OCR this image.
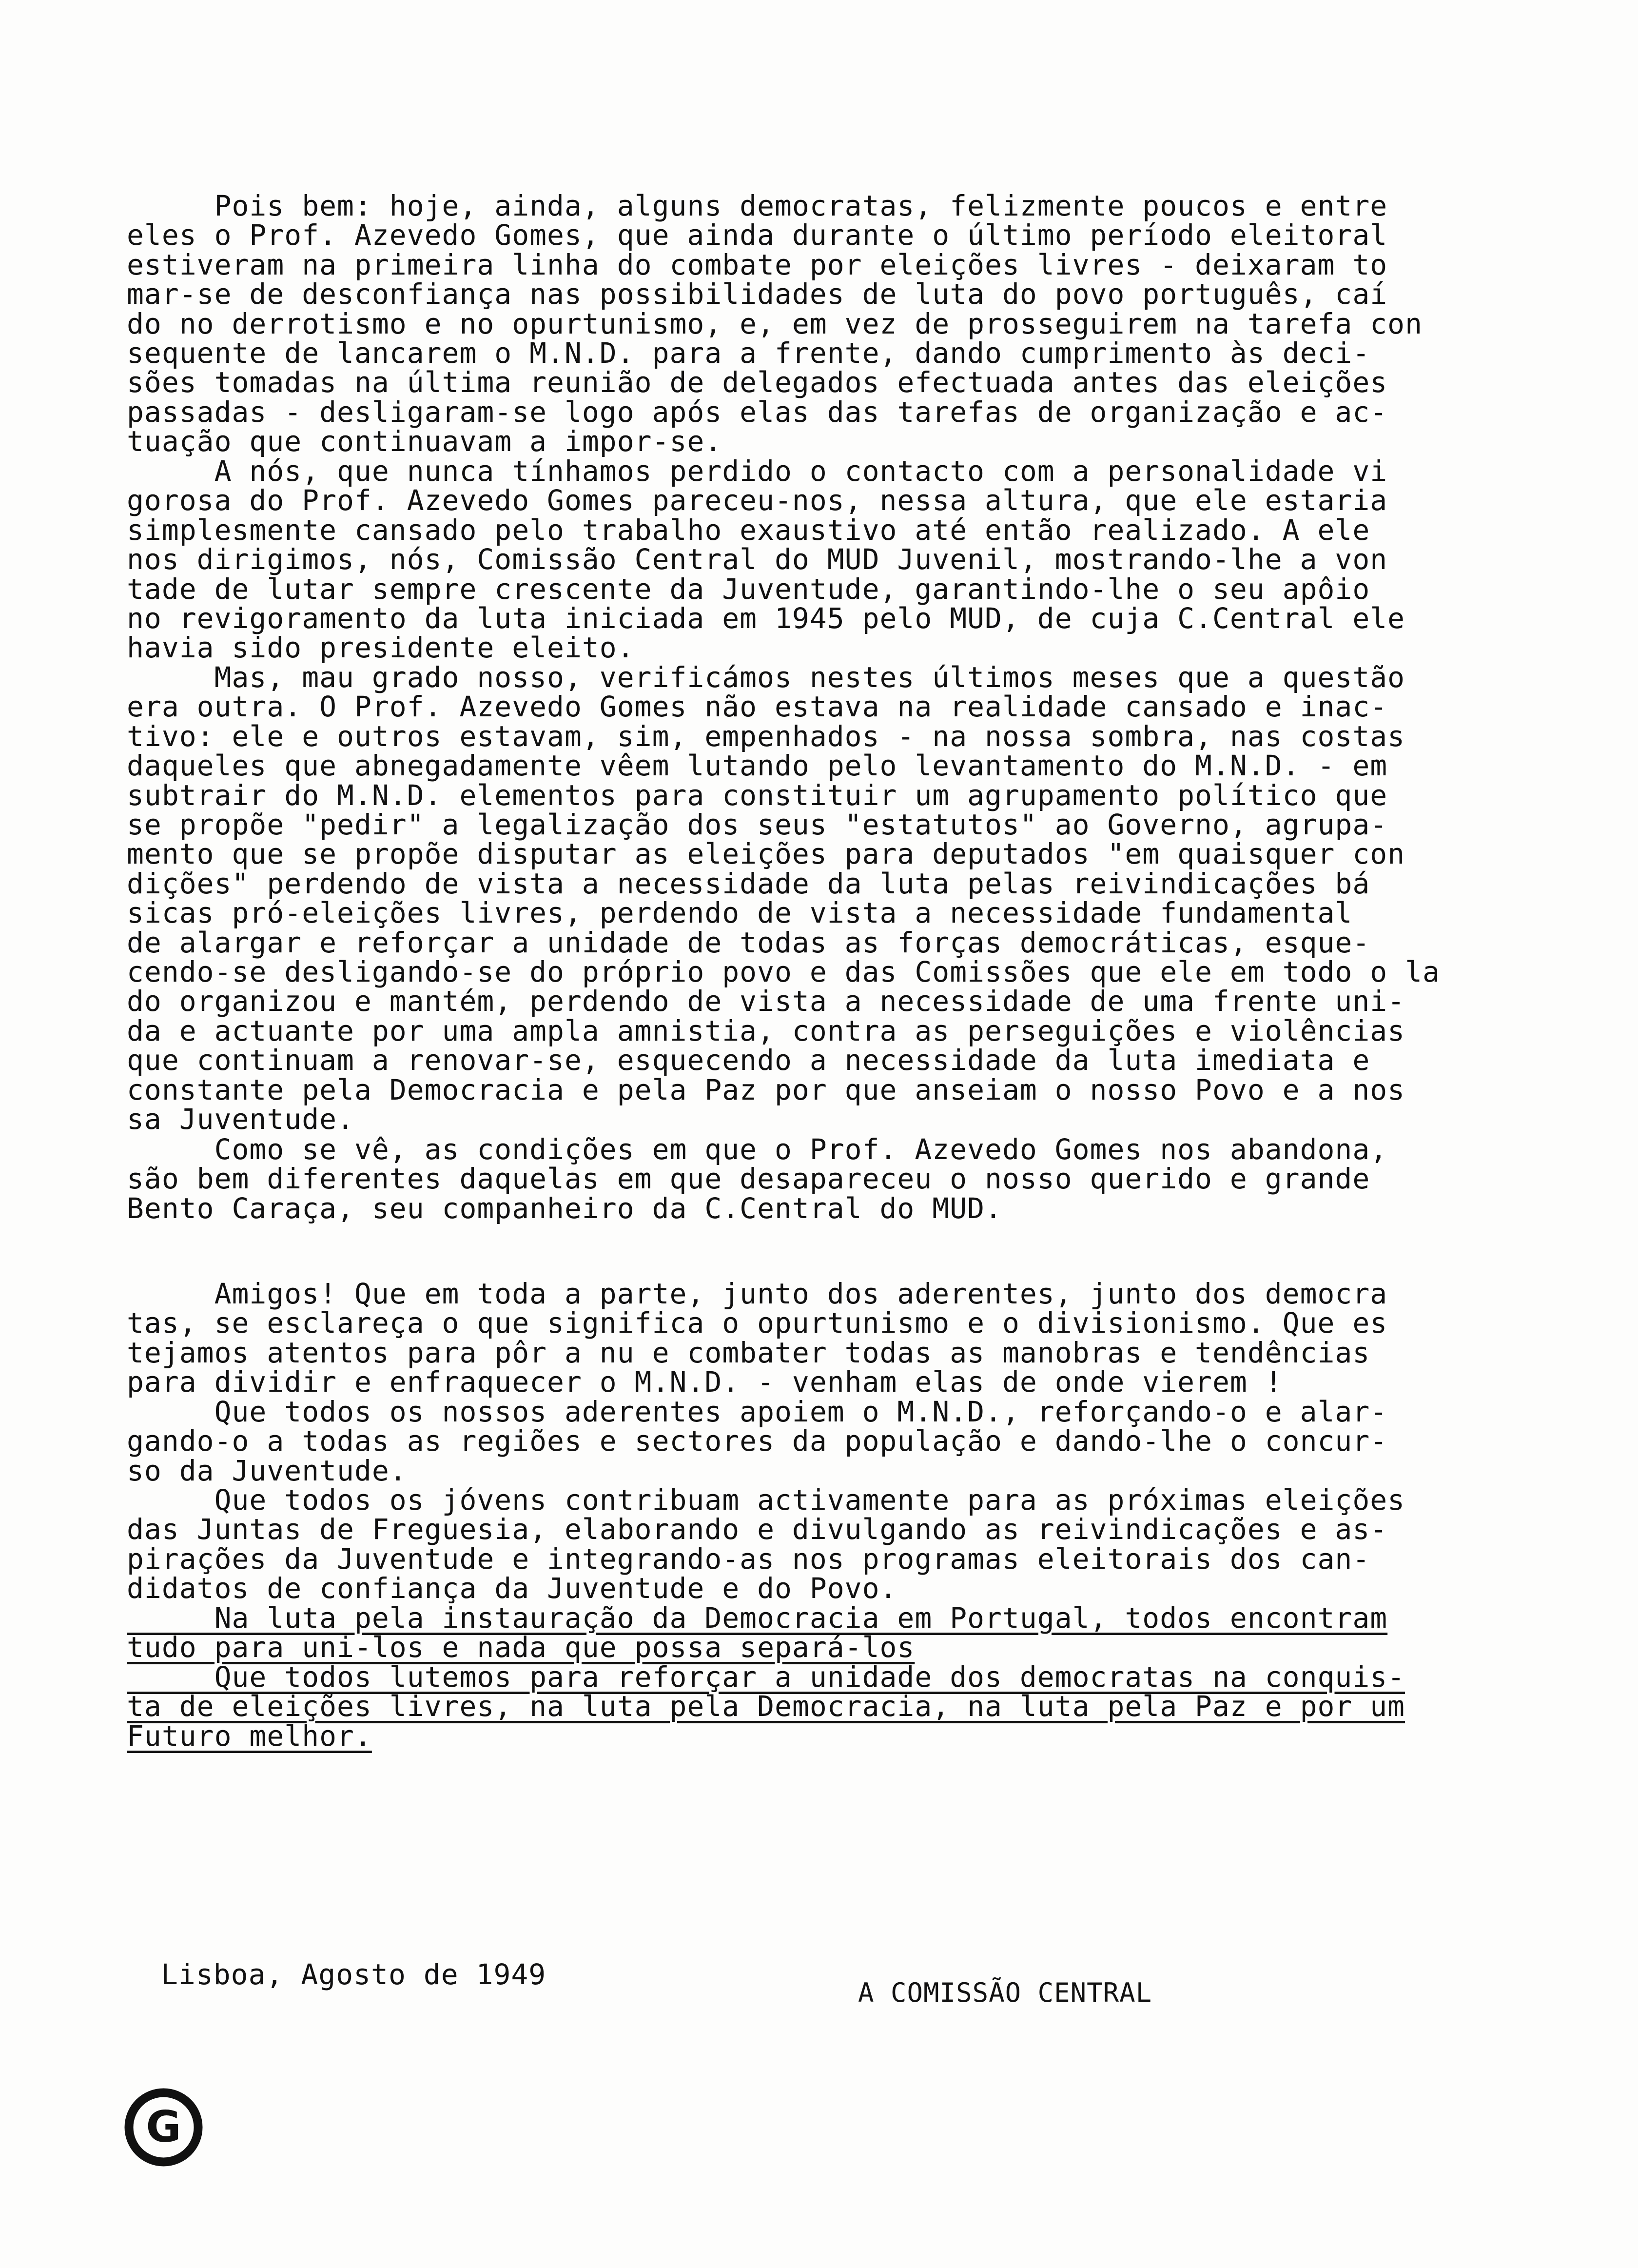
Pois bem: hoje, ainda, alguns democratas, felizmente poucos e entre
eles o Prof. Azevedo Gomes, que ainda durante o último período eleitoral
estiveram na primeira linha do combate por eleições livres - deixaram to
mar-se de desconfiança nas possibilidades de luta do povo português, caí
do no derrotismo e no opurtunismo, e, em vez de prosseguirem na tarefa con
sequente de lancarem o M.N.D. para a frente, dando cumprimento às deci-
sões tomadas na última reunião de delegados efectuada antes das eleições
passadas - desligaram-se logo após elas das tarefas de organização e ac-
tuação que continuavam a impor-se.
A nós, que nunca tínhamos perdido o contacto com a personalidade vi
gorosa do Prof. Azevedo Gomes pareceu-nos, nessa altura, que ele estaria
simplesmente cansado pelo trabalho exaustivo até então realizado. A ele
nos dirigimos, nós, Comissão Central do MUD Juvenil, mostrando-lhe a von
tade de lutar sempre crescente da Juventude, garantindo-lhe o seu apôio
no revigoramento da luta iniciada em 1945 pelo MUD, de cuja C.Central ele
havia sido presidente eleito.
Mas, mau grado nosso, verificámos nestes últimos meses que a questão
era outra. O Prof. Azevedo Gomes não estava na realidade cansado e inac-
tivo: ele e outros estavam, sim, empenhados - na nossa sombra, nas costas
daqueles que abnegadamente vêem lutando pelo levantamento do M.N.D. - em
subtrair do M.N.D. elementos para constituir um agrupamento político que
se propõe "pedir" a legalização dos seus "estatutos" ao Governo, agrupa-
mento que se propõe disputar as eleições para deputados "em quaisquer con
dições" perdendo de vista a necessidade da luta pelas reivindicações bá
sicas pró-eleições livres, perdendo de vista a necessidade fundamental
de alargar e reforçar a unidade de todas as forças democráticas, esque-
cendo-se desligando-se do próprio povo e das Comissões que ele em todo o la
do organizou e mantém, perdendo de vista a necessidade de uma frente uni-
da e actuante por uma ampla amnistia, contra as perseguições e violências
que continuam a renovar-se, esquecendo a necessidade da luta imediata e
constante pela Democracia e pela Paz por que anseiam o nosso Povo e a nos
sa Juventude.
Como se vê, as condições em que o Prof. Azevedo Gomes nos abandona,
são bem diferentes daquelas em que desapareceu o nosso querido e grande
Bento Caraça, seu companheiro da C.Central do MUD.
Amigos! Que em toda a parte, junto dos aderentes, junto dos democra
tas, se esclareça o que significa o opurtunismo e o divisionismo. Que es
tejamos atentos para pôr a nu e combater todas as manobras e tendências
para dividir e enfraquecer o M.N.D. - venham elas de onde vierem !
Que todos os nossos aderentes apoiem o M.N.D., reforçando-o e alar-
gando-o a todas as regiões e sectores da população e dando-lhe o concur-
so da Juventude.
Que todos os jóvens contribuam activamente para as próximas eleições
das Juntas de Freguesia, elaborando e divulgando as reivindicações e as-
pirações da Juventude e integrando-as nos programas eleitorais dos can-
didatos de confiança da Juventude e do Povo.
Na luta pela instauração da Democracia em Portugal, todos encontram
tudo para uni-los e nada que possa separá-los
Que todos lutemos para reforçar a unidade dos democratas na conquis-
ta de eleições livres, na luta pela Democracia, na luta pela Paz e por um
Futuro melhor.
Lisboa, Agosto de 1949
A COMISSÃO CENTRAL
G
